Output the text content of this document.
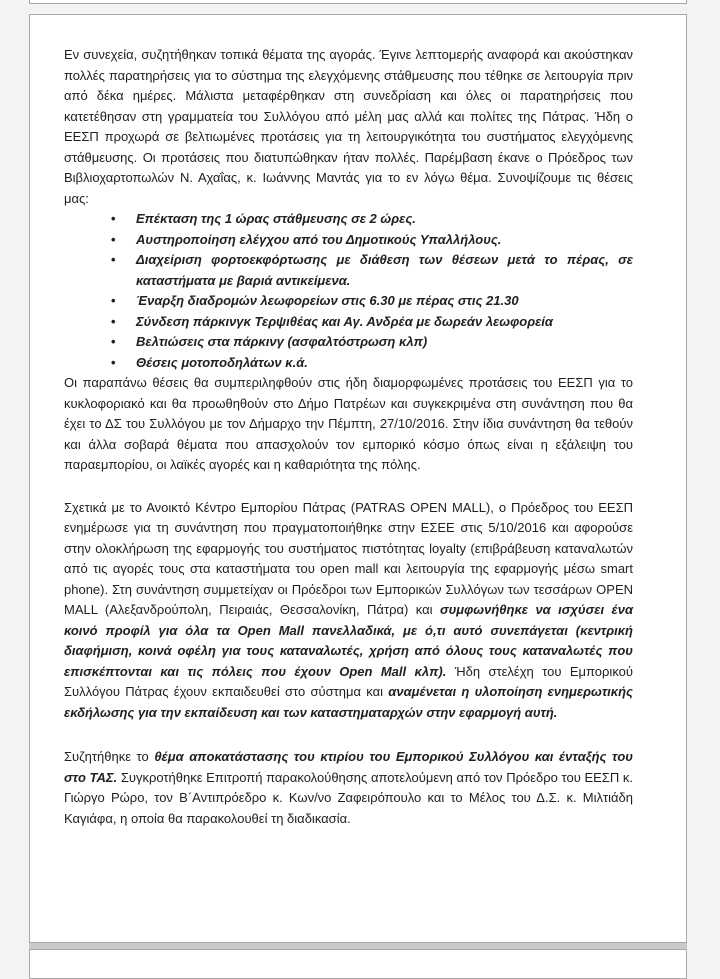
Εν συνεχεία, συζητήθηκαν τοπικά θέματα της αγοράς. Έγινε λεπτομερής αναφορά και ακούστηκαν πολλές παρατηρήσεις για το σύστημα της ελεγχόμενης στάθμευσης που τέθηκε σε λειτουργία πριν από δέκα ημέρες. Μάλιστα μεταφέρθηκαν στη συνεδρίαση και όλες οι παρατηρήσεις που κατετέθησαν στη γραμματεία του Συλλόγου από μέλη μας αλλά και πολίτες της Πάτρας. Ήδη ο ΕΕΣΠ προχωρά σε βελτιωμένες προτάσεις για τη λειτουργικότητα του συστήματος ελεγχόμενης στάθμευσης. Οι προτάσεις που διατυπώθηκαν ήταν πολλές. Παρέμβαση έκανε ο Πρόεδρος των Βιβλιοχαρτοπωλών Ν. Αχαΐας, κ. Ιωάννης Μαντάς για το εν λόγω θέμα. Συνοψίζουμε τις θέσεις μας:

• Επέκταση της 1 ώρας στάθμευσης σε 2 ώρες.
• Αυστηροποίηση ελέγχου από του Δημοτικούς Υπαλλήλους.
• Διαχείριση φορτοεκφόρτωσης με διάθεση των θέσεων μετά το πέρας, σε καταστήματα με βαριά αντικείμενα.
• Έναρξη διαδρομών λεωφορείων στις 6.30 με πέρας στις 21.30
• Σύνδεση πάρκινγκ Τερψιθέας και Αγ. Ανδρέα με δωρεάν λεωφορεία
• Βελτιώσεις στα πάρκινγ (ασφαλτόστρωση κλπ)
• Θέσεις μοτοποδηλάτων κ.ά.

Οι παραπάνω θέσεις θα συμπεριληφθούν στις ήδη διαμορφωμένες προτάσεις του ΕΕΣΠ για το κυκλοφοριακό και θα προωθηθούν στο Δήμο Πατρέων και συγκεκριμένα στη συνάντηση που θα έχει το ΔΣ του Συλλόγου με τον Δήμαρχο την Πέμπτη, 27/10/2016. Στην ίδια συνάντηση θα τεθούν και άλλα σοβαρά θέματα που απασχολούν τον εμπορικό κόσμο όπως είναι η εξάλειψη του παραεμπορίου, οι λαϊκές αγορές και η καθαριότητα της πόλης.

Σχετικά με το Ανοικτό Κέντρο Εμπορίου Πάτρας (PATRAS OPEN MALL), ο Πρόεδρος του ΕΕΣΠ ενημέρωσε για τη συνάντηση που πραγματοποιήθηκε στην ΕΣΕΕ στις 5/10/2016 και αφορούσε στην ολοκλήρωση της εφαρμογής του συστήματος πιστότητας loyalty (επιβράβευση καταναλωτών από τις αγορές τους στα καταστήματα του open mall και λειτουργία της εφαρμογής μέσω smart phone). Στη συνάντηση συμμετείχαν οι Πρόεδροι των Εμπορικών Συλλόγων των τεσσάρων OPEN MALL (Αλεξανδρούπολη, Πειραιάς, Θεσσαλονίκη, Πάτρα) και συμφωνήθηκε να ισχύσει ένα κοινό προφίλ για όλα τα Open Mall πανελλαδικά, με ό,τι αυτό συνεπάγεται (κεντρική διαφήμιση, κοινά οφέλη για τους καταναλωτές, χρήση από όλους τους καταναλωτές που επισκέπτονται και τις πόλεις που έχουν Open Mall κλπ). Ήδη στελέχη του Εμπορικού Συλλόγου Πάτρας έχουν εκπαιδευθεί στο σύστημα και αναμένεται η υλοποίηση ενημερωτικής εκδήλωσης για την εκπαίδευση και των καταστηματαρχών στην εφαρμογή αυτή.

Συζητήθηκε το θέμα αποκατάστασης του κτιρίου του Εμπορικού Συλλόγου και ένταξής του στο ΤΑΣ. Συγκροτήθηκε Επιτροπή παρακολούθησης αποτελούμενη από τον Πρόεδρο του ΕΕΣΠ κ. Γιώργο Ρώρο, τον Β΄Αντιπρόεδρο κ. Κων/νο Ζαφειρόπουλο και το Μέλος του Δ.Σ. κ. Μιλτιάδη Καγιάφα, η οποία θα παρακολουθεί τη διαδικασία.
